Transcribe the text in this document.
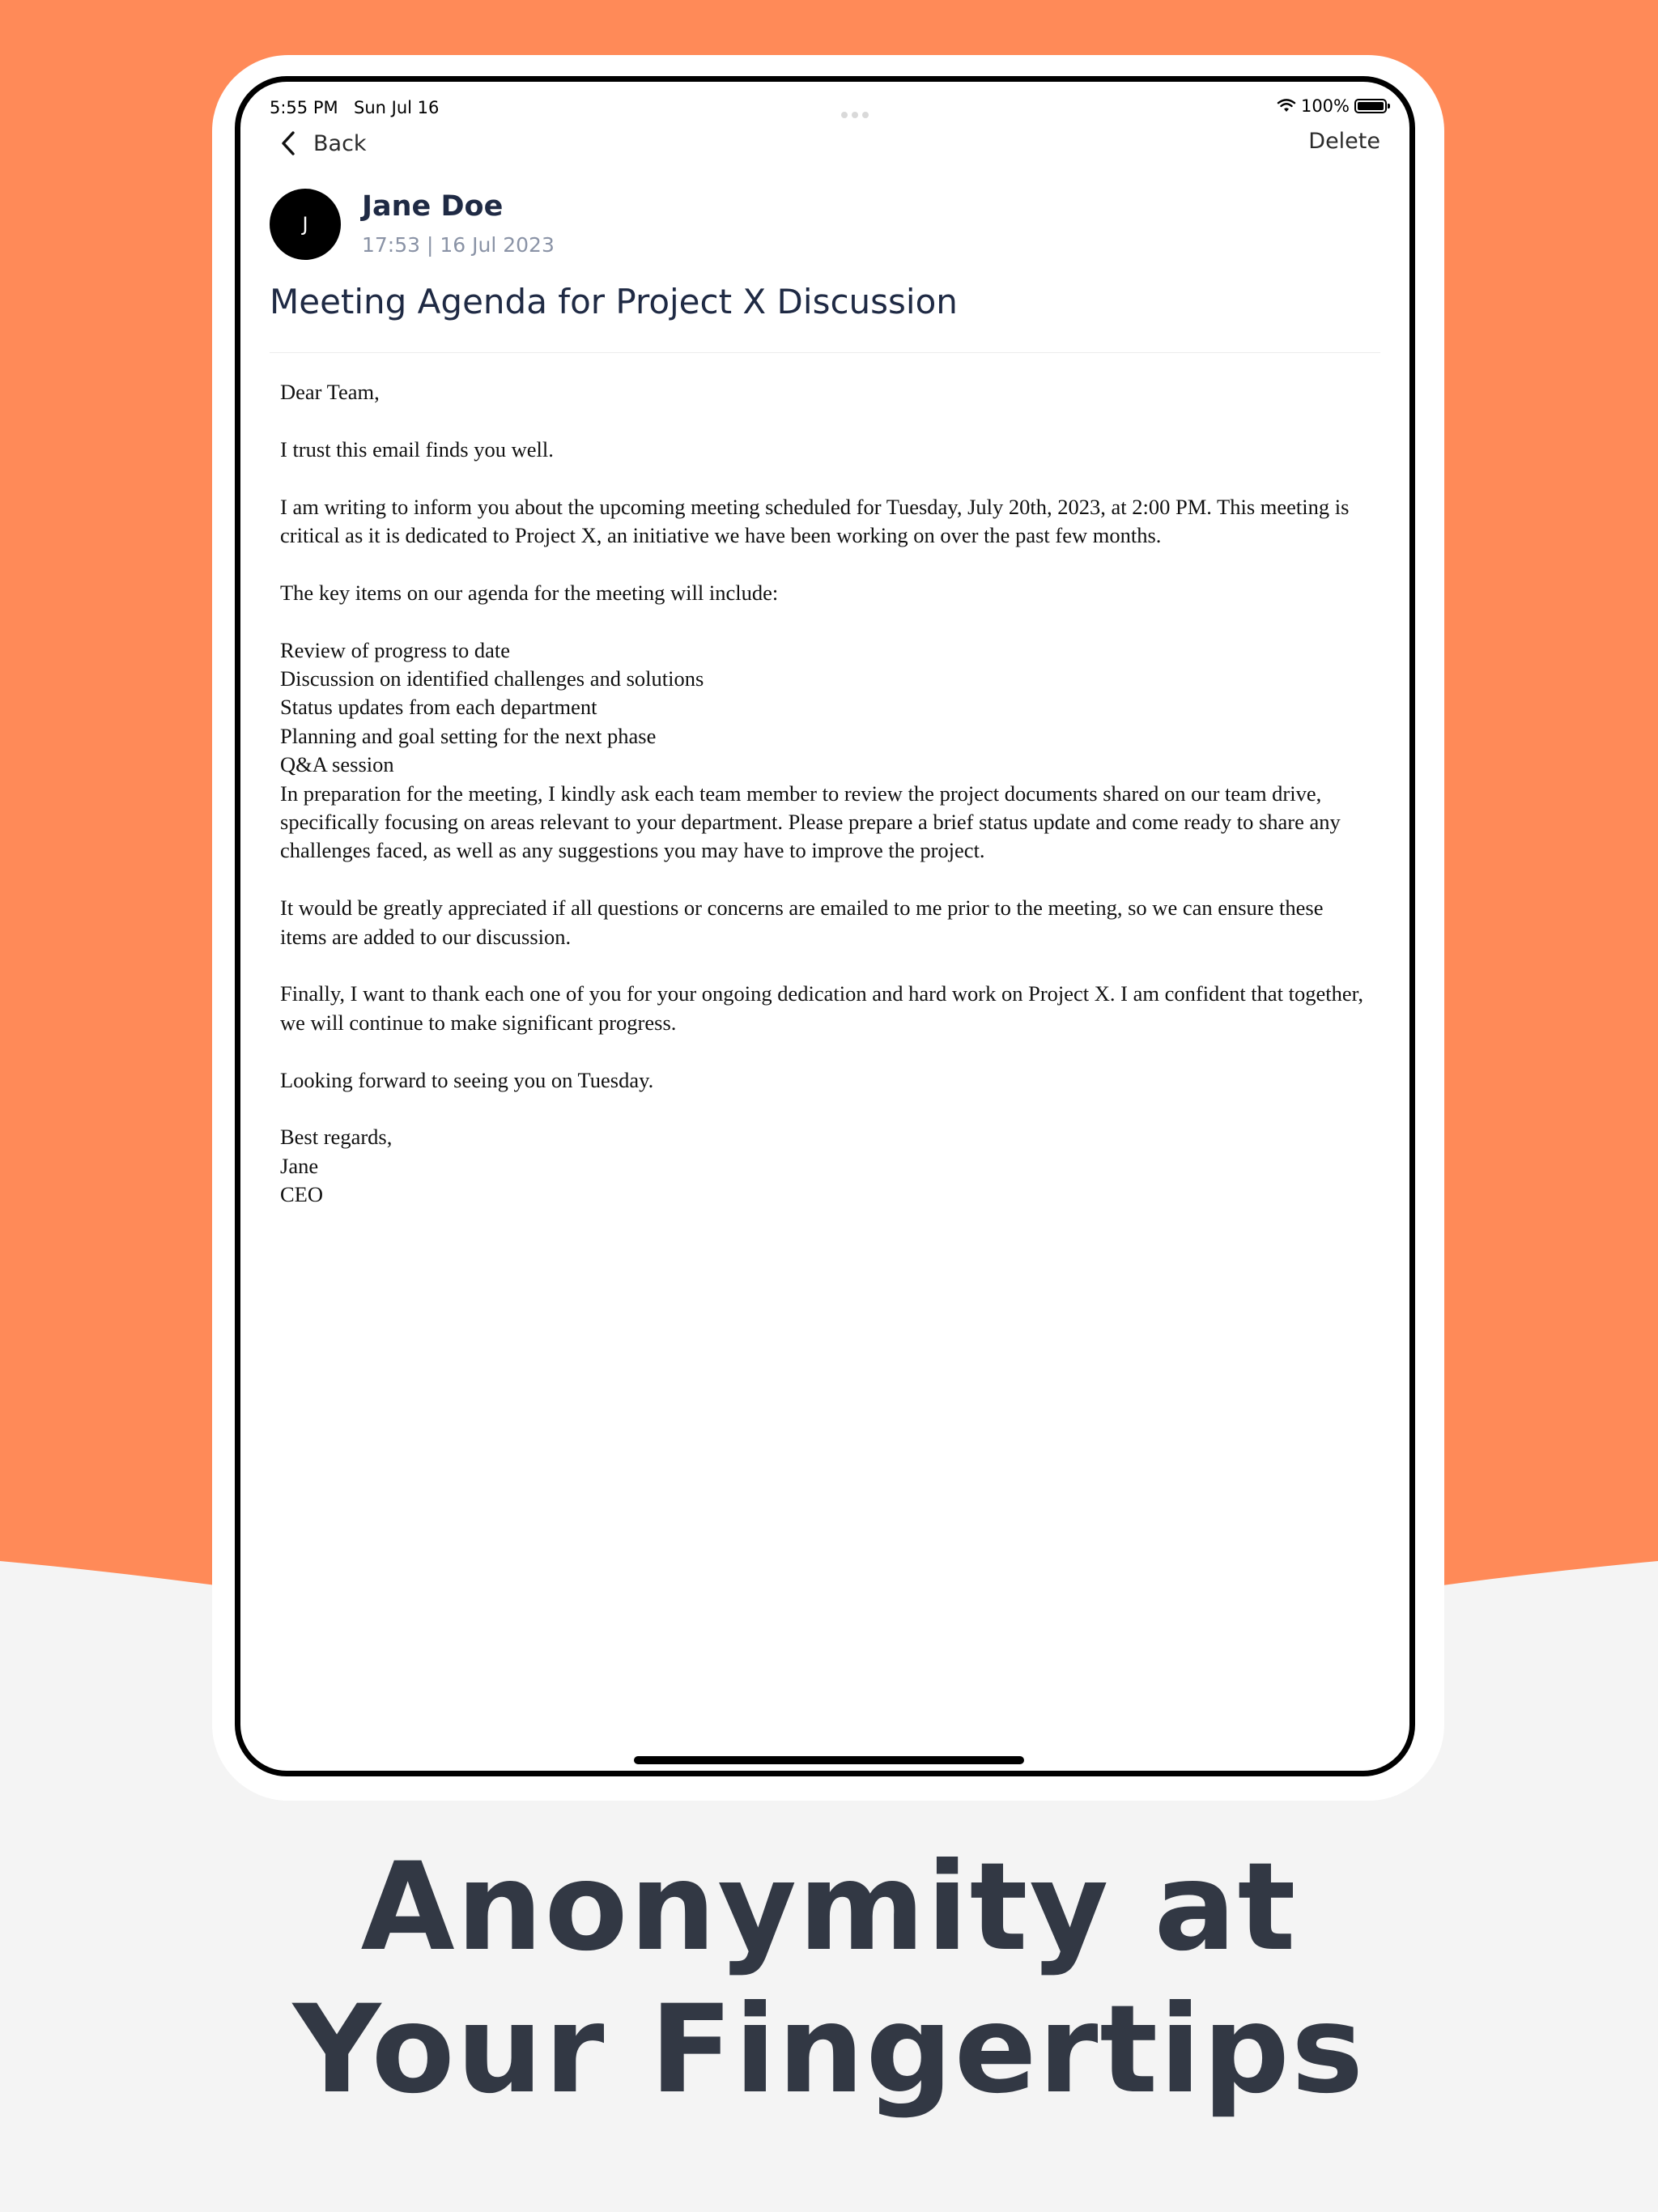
5:55 PM Sun Jul 16	100%
Back	Delete
J
Jane Doe
17:53 | 16 Jul 2023
Meeting Agenda for Project X Discussion

Dear Team,

I trust this email finds you well.

I am writing to inform you about the upcoming meeting scheduled for Tuesday, July 20th, 2023, at 2:00 PM. This meeting is critical as it is dedicated to Project X, an initiative we have been working on over the past few months.

The key items on our agenda for the meeting will include:

Review of progress to date
Discussion on identified challenges and solutions
Status updates from each department
Planning and goal setting for the next phase
Q&A session

In preparation for the meeting, I kindly ask each team member to review the project documents shared on our team drive, specifically focusing on areas relevant to your department. Please prepare a brief status update and come ready to share any challenges faced, as well as any suggestions you may have to improve the project.

It would be greatly appreciated if all questions or concerns are emailed to me prior to the meeting, so we can ensure these items are added to our discussion.

Finally, I want to thank each one of you for your ongoing dedication and hard work on Project X. I am confident that together, we will continue to make significant progress.

Looking forward to seeing you on Tuesday.

Best regards,
Jane
CEO
Anonymity at
Your Fingertips
